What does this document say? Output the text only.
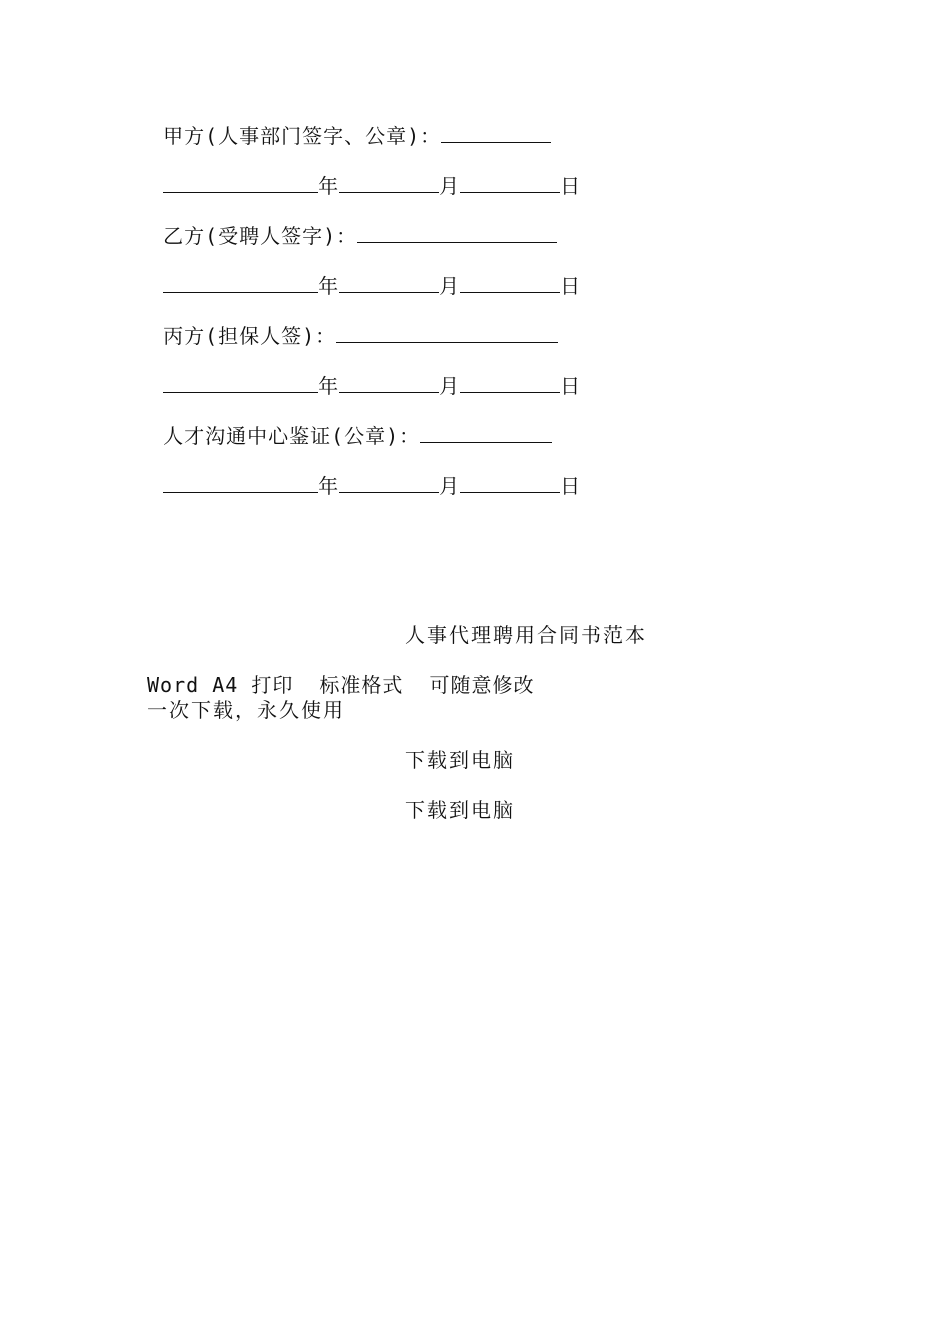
甲方(人事部门签字、公章)：

年	月	日

乙方(受聘人签字)：

年	月	日

丙方(担保人签)：

年	月	日

人才沟通中心鉴证(公章)：

年	月	日

人事代理聘用合同书范本
Word A4 打印  标准格式  可随意修改
一次下载，永久使用
下载到电脑
下载到电脑
